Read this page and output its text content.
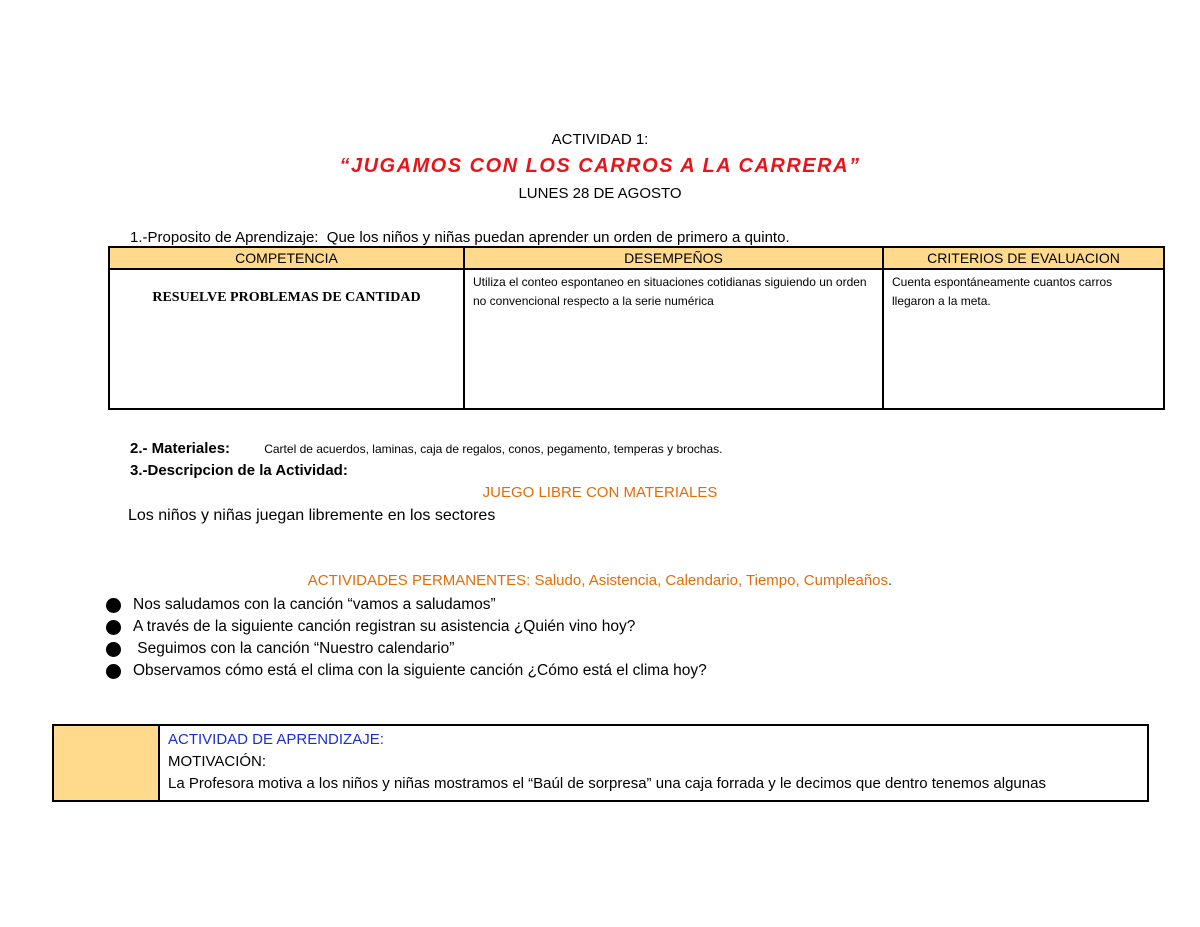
ACTIVIDAD 1:
“JUGAMOS CON LOS CARROS A LA CARRERA”
LUNES 28 DE AGOSTO
1.-Proposito de Aprendizaje: Que los niños y niñas puedan aprender un orden de primero a quinto.
COMPETENCIA	DESEMPEÑOS	CRITERIOS DE EVALUACION
RESUELVE PROBLEMAS DE CANTIDAD	Utiliza el conteo espontaneo en situaciones cotidianas siguiendo un orden no convencional respecto a la serie numérica	Cuenta espontáneamente cuantos carros llegaron a la meta.
2.- Materiales:	Cartel de acuerdos, laminas, caja de regalos, conos, pegamento, temperas y brochas.
3.-Descripcion de la Actividad:
JUEGO LIBRE CON MATERIALES
Los niños y niñas juegan libremente en los sectores
ACTIVIDADES PERMANENTES: Saludo, Asistencia, Calendario, Tiempo, Cumpleaños.
Nos saludamos con la canción “vamos a saludamos”
A través de la siguiente canción registran su asistencia ¿Quién vino hoy?
Seguimos con la canción “Nuestro calendario”
Observamos cómo está el clima con la siguiente canción ¿Cómo está el clima hoy?

ACTIVIDAD DE APRENDIZAJE:
MOTIVACIÓN:
La Profesora motiva a los niños y niñas mostramos el “Baúl de sorpresa” una caja forrada y le decimos que dentro tenemos algunas
